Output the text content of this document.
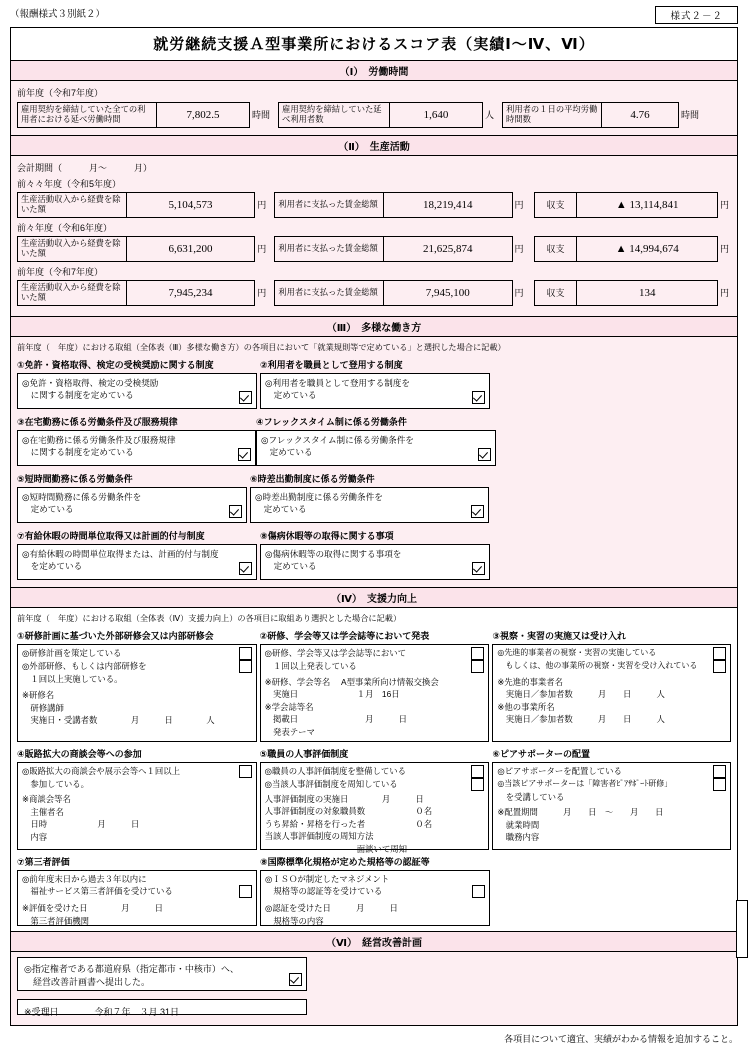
（報酬様式３別紙２）	様式２－２
就労継続支援Ａ型事業所におけるスコア表（実績Ⅰ～Ⅳ、Ⅵ）
（Ⅰ）　労働時間
前年度（令和7年度）
雇用契約を締結していた全ての利用者における延べ労働時間	7,802.5	時間
雇用契約を締結していた延べ利用者数	1,640	人
利用者の１日の平均労働時間数	4.76	時間
（Ⅱ）　生産活動
会計期間（　　　月～　　　月）
前々々年度（令和5年度）
生産活動収入から経費を除いた額	5,104,573	円	利用者に支払った賃金総額	18,219,414	円	収支	▲ 13,114,841	円
前々年度（令和6年度）
生産活動収入から経費を除いた額	6,631,200	円	利用者に支払った賃金総額	21,625,874	円	収支	▲ 14,994,674	円
前年度（令和7年度）
生産活動収入から経費を除いた額	7,945,234	円	利用者に支払った賃金総額	7,945,100	円	収支	134	円
（Ⅲ）　多様な働き方
前年度（　年度）における取組（全体表（Ⅲ）多様な働き方）の各項目において「就業規則等で定めている」と選択した場合に記載）
①免許・資格取得、検定の受検奨励に関する制度
◎免許・資格取得、検定の受検奨励
　に関する制度を定めている
②利用者を職員として登用する制度
◎利用者を職員として登用する制度を
　定めている
③在宅勤務に係る労働条件及び服務規律
◎在宅勤務に係る労働条件及び服務規律
　に関する制度を定めている
④フレックスタイム制に係る労働条件
◎フレックスタイム制に係る労働条件を
　定めている
⑤短時間勤務に係る労働条件
◎短時間勤務に係る労働条件を
　定めている
⑥時差出勤制度に係る労働条件
◎時差出勤制度に係る労働条件を
　定めている
⑦有給休暇の時間単位取得又は計画的付与制度
◎有給休暇の時間単位取得または、計画的付与制度
　を定めている
⑧傷病休暇等の取得に関する事項
◎傷病休暇等の取得に関する事項を
　定めている
（Ⅳ）　支援力向上
前年度（　年度）における取組（全体表（Ⅳ）支援力向上）の各項目に取組あり選択とした場合に記載）
①研修計画に基づいた外部研修会又は内部研修会
◎研修計画を策定している
◎外部研修、もしくは内部研修を
　１回以上実施している。
※研修名
　研修講師
　実施日・受講者数　　　　月　　　日　　　　人
②研修、学会等又は学会誌等において発表
◎研修、学会等又は学会誌等において
　１回以上発表している
※研修、学会等名　 A型事業所向け情報交換会
　実施日　　　　　　　１月　16日
※学会誌等名
　掲載日　　　　　　　　月　　　日
　発表テーマ
③視察・実習の実施又は受け入れ
◎先進的事業者の視察・実習の実施している
　もしくは、他の事業所の視察・実習を受け入れている
※先進的事業者名
　実施日／参加者数　　　月　　日　　　人
※他の事業所名
　実施日／参加者数　　　月　　日　　　人
④販路拡大の商談会等への参加
◎販路拡大の商談会や展示会等へ１回以上
　参加している。
※商談会等名
　主催者名
　日時　　　　　　月　　　日
　内容
⑤職員の人事評価制度
◎職員の人事評価制度を整備している
◎当該人事評価制度を周知している
人事評価制度の実施日　　　　月　　　日
人事評価制度の対象職員数　　　　　　０名
うち昇給・昇格を行った者　　　　　　０名
当該人事評価制度の周知方法
　　　　　　　　　　　面談いて周知
⑥ピアサポーターの配置
◎ピアサポーターを配置している
◎当該ピアサポーターは「障害者ﾋﾟｱｻﾎﾟｰﾄ研修」
　を受講している
※配置期間　　　月　　日　～　　月　　日
　就業時間
　職務内容
⑦第三者評価
◎前年度末日から過去３年以内に
　福祉サービス第三者評価を受けている
※評価を受けた日　　　　月　　　日
　第三者評価機関
⑧国際標準化規格が定めた規格等の認証等
◎ＩＳＯが制定したマネジメント
　規格等の認証等を受けている
◎認証を受けた日　　　月　　　日
　規格等の内容
（Ⅵ）　経営改善計画
◎指定権者である都道府県（指定都市・中核市）へ、
　経営改善計画書へ提出した。
※受理日　　　　令和７年　３月 31日
各項目について適宜、実績がわかる情報を追加すること。
